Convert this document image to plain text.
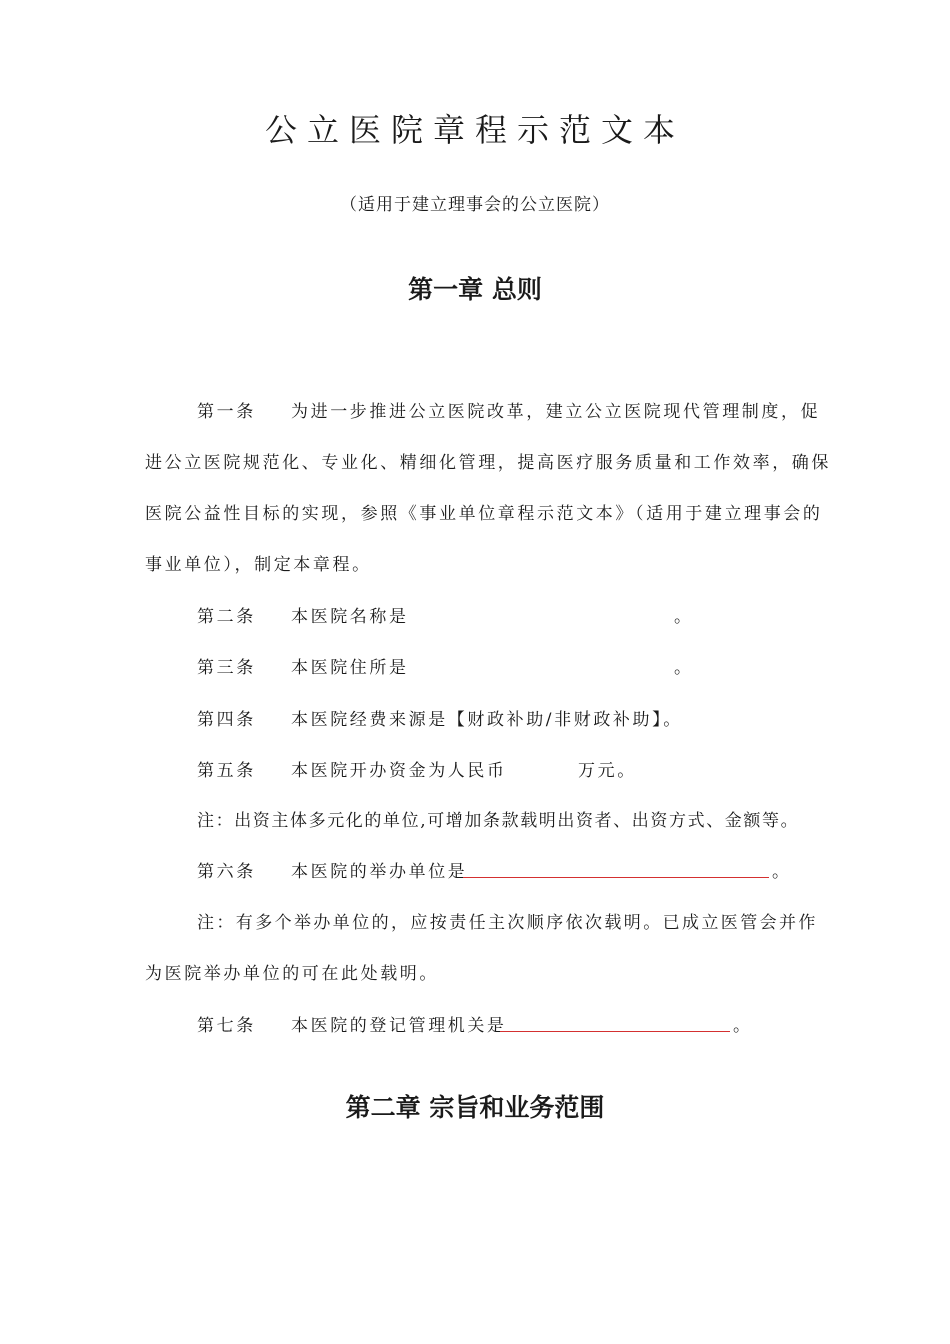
公立医院章程示范文本
（适用于建立理事会的公立医院）
第一章 总则
第一条 为进一步推进公立医院改革，建立公立医院现代管理制度，促
进公立医院规范化、专业化、精细化管理，提高医疗服务质量和工作效率，确保
医院公益性目标的实现，参照《事业单位章程示范文本》（适用于建立理事会的
事业单位），制定本章程。
第二条 本医院名称是	。
第三条 本医院住所是	。
第四条 本医院经费来源是【财政补助/非财政补助】。
第五条 本医院开办资金为人民币	万元。
注：出资主体多元化的单位,可增加条款载明出资者、出资方式、金额等。
第六条 本医院的举办单位是	。
注：有多个举办单位的，应按责任主次顺序依次载明。已成立医管会并作
为医院举办单位的可在此处载明。
第七条 本医院的登记管理机关是	。
第二章 宗旨和业务范围
